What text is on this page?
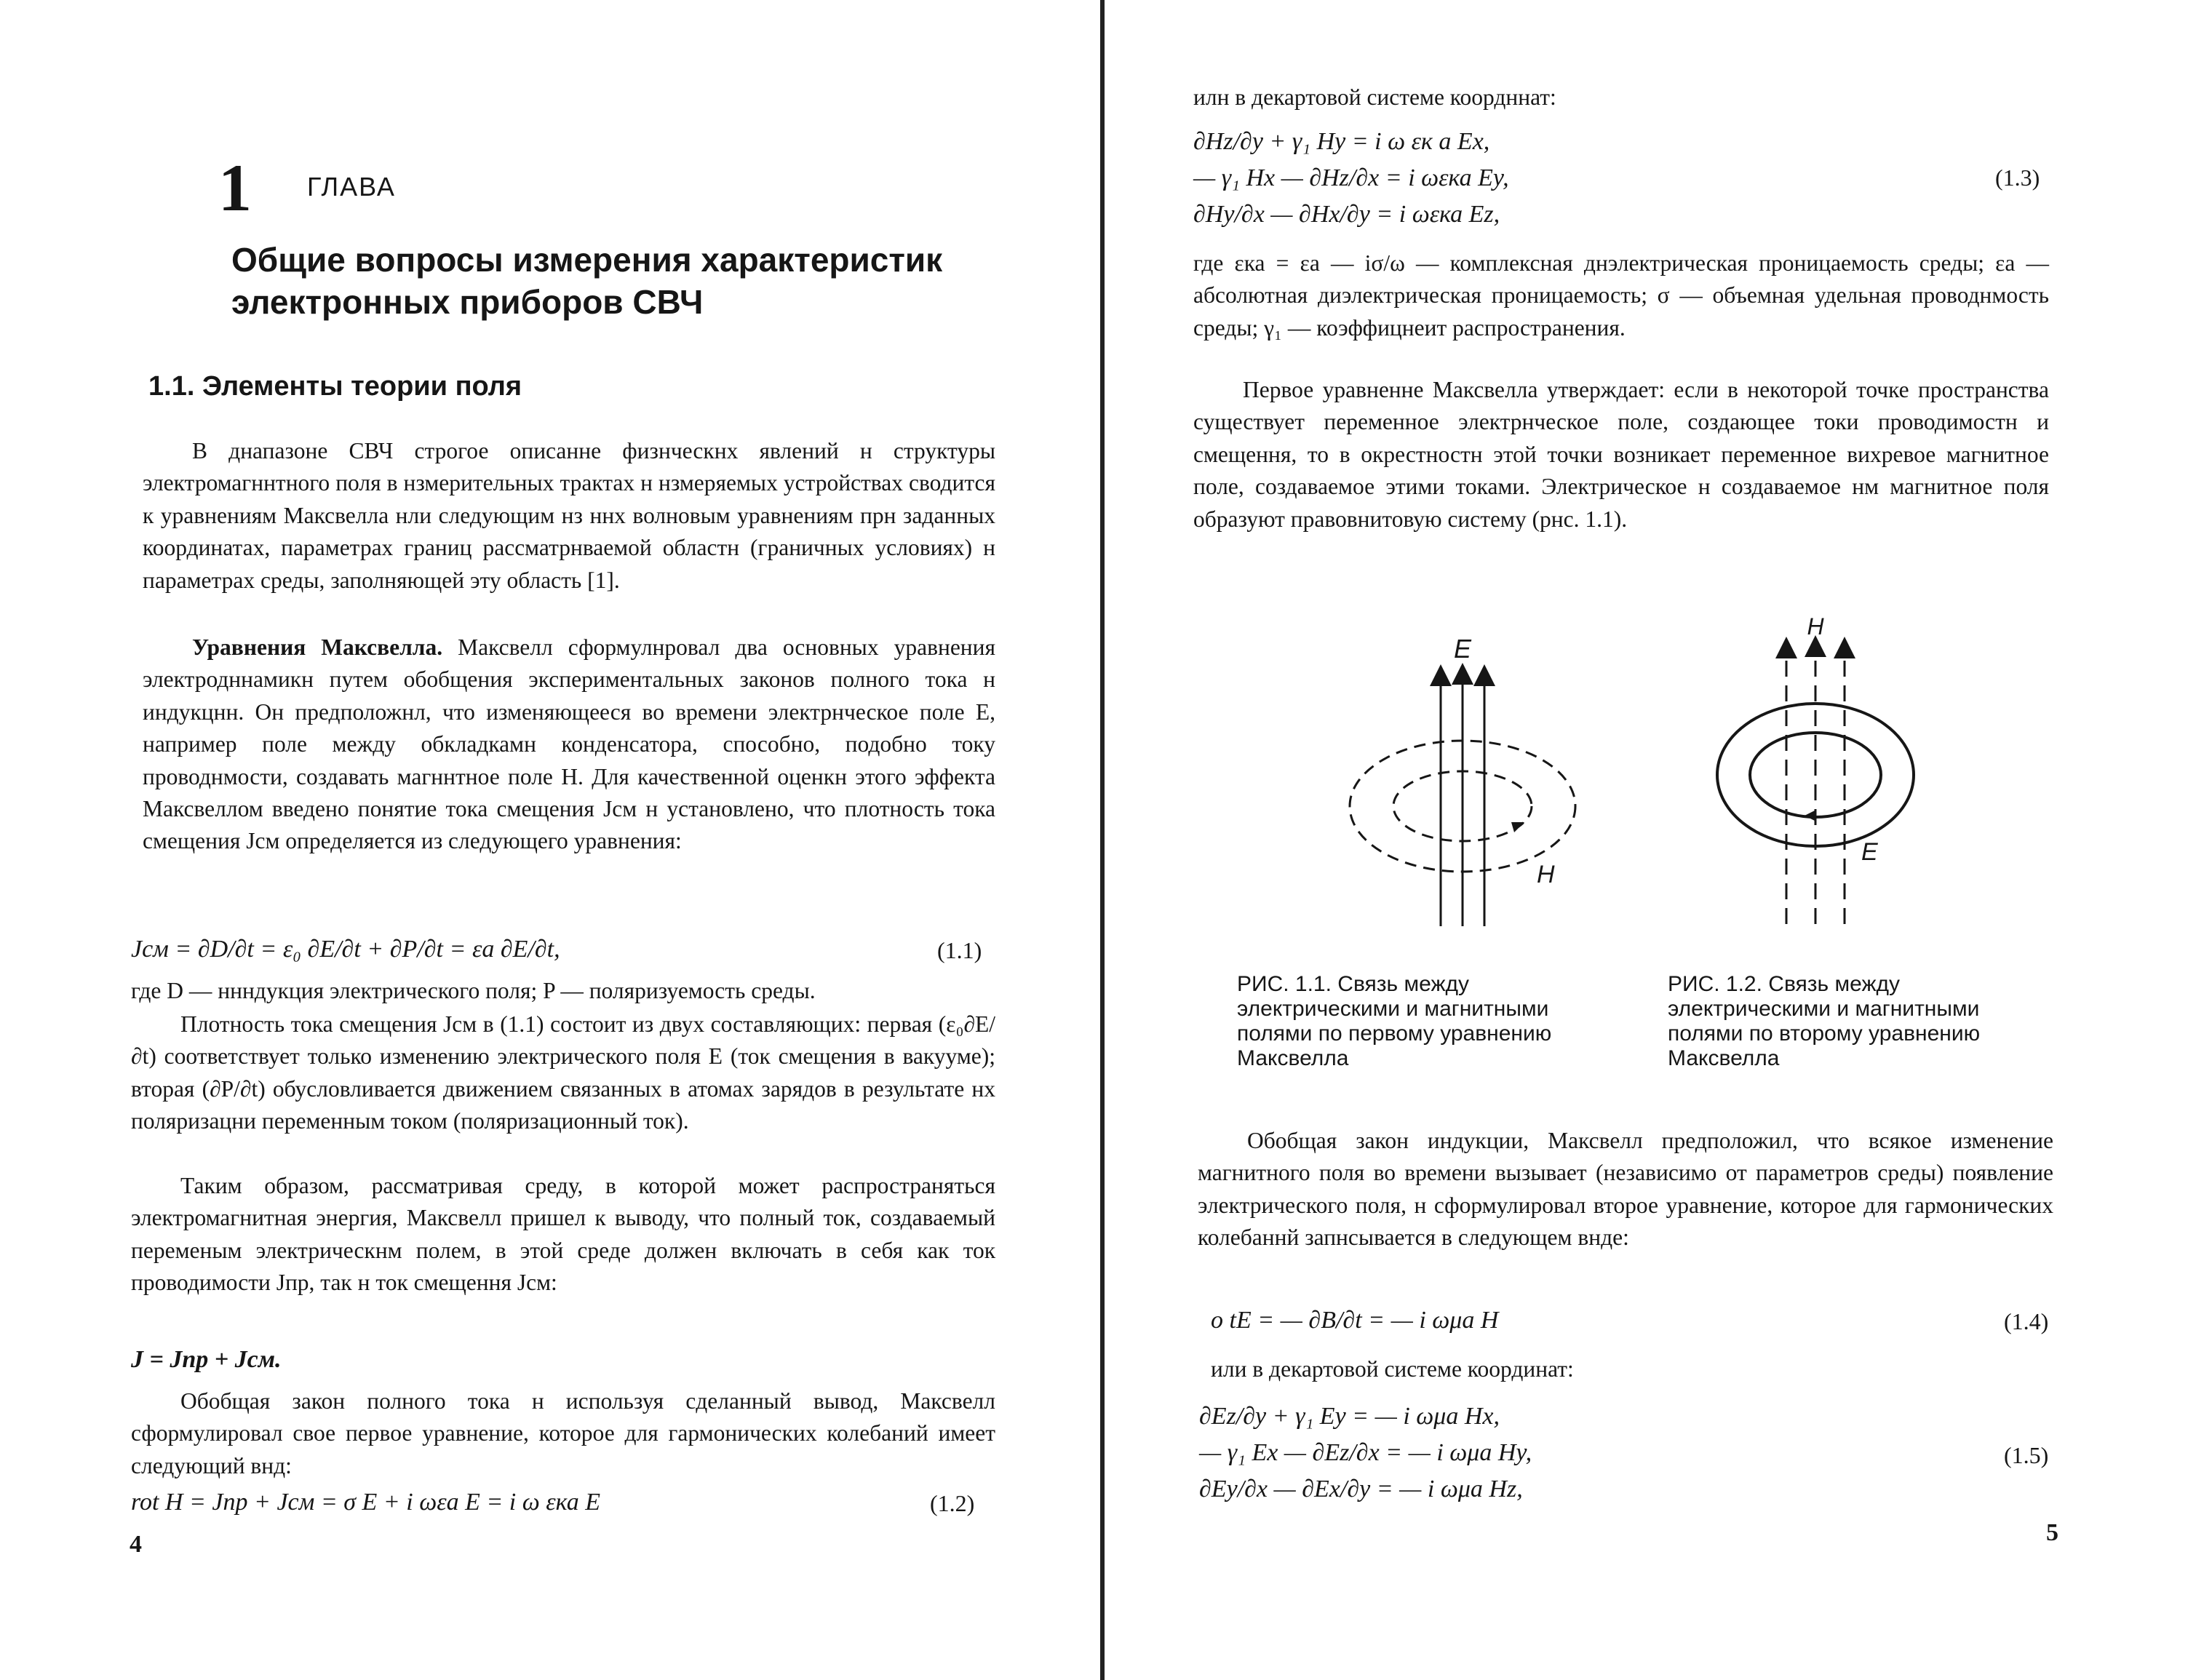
1 ГЛАВА
Общие вопросы измерения характеристик
электронных приборов СВЧ
1.1. Элементы теории поля
В днапазоне СВЧ строгое описанне физнческнх явлений н структуры электромагннтного поля в нзмерительных трактах н нзмеряемых устройствах сводится к уравнениям Максвелла нли следующим нз ннх волновым уравнениям прн заданных координатах, параметрах границ рассматрнваемой областн (граничных условиях) н параметрах среды, заполняющей эту область [1].
Уравнения Максвелла. Максвелл сформулнровал два основных уравнения электродннамикн путем обобщения экспериментальных законов полного тока н индукцнн. Он предположнл, что изменяющееся во времени электрнческое поле E, например поле между обкладкамн конденсатора, способно, подобно току проводнмости, создавать магннтное поле H. Для качественной оценкн этого эффекта Максвеллом введено понятие тока смещения Jсм н установлено, что плотность тока смещения Jсм определяется из следующего уравнения:
Jсм = ∂D/∂t = ε₀ ∂E/∂t + ∂P/∂t = εa ∂E/∂t,	(1.1)
где D — ннндукция электрического поля; P — поляризуемость среды.
Плотность тока смещения Jсм в (1.1) состоит из двух составляющих: первая (ε₀∂E/∂t) соответствует только изменению электрического поля E (ток смещения в вакууме); вторая (∂P/∂t) обусловливается движением связанных в атомах зарядов в результате нх поляризацни переменным током (поляризационный ток).
Таким образом, рассматривая среду, в которой может распространяться электромагнитная энергия, Максвелл пришел к выводу, что полный ток, создаваемый переменым электрическнм полем, в этой среде должен включать в себя как ток проводимости Jпр, так н ток смещення Jсм:
J = Jпр + Jсм.
Обобщая закон полного тока н используя сделанный вывод, Максвелл сформулировал свое первое уравнение, которое для гармонических колебаний имеет следующий внд:
rot H = Jпр + Jсм = σ E + i ωεa E = i ω εка E	(1.2)
4
илн в декартовой системе коордннат:
∂Hz/∂y + γ₁ Hy = i ω εк a Ex,
— γ₁ Hx — ∂Hz/∂x = i ωεка Ey,
∂Hy/∂x — ∂Hx/∂y = i ωεка Ez,
(1.3)
где εка = εa — iσ/ω — комплексная днэлектрическая проницаемость среды; εa — абсолютная диэлектрическая проницаемость; σ — объемная удельная проводнмость среды; γ₁ — коэффицнеит распространения.
Первое уравненне Максвелла утверждает: если в некоторой точке пространства существует переменное электрнческое поле, создающее токи проводимостн и смещення, то в окрестностн этой точки возникает переменное вихревое магнитное поле, создаваемое этими токами. Электрическое н создаваемое нм магнитное поля образуют правовнитовую систему (рнс. 1.1).
E
H
H
E
РИС. 1.1. Связь между электрическими и магнитными полями по первому уравнению Максвелла
РИС. 1.2. Связь между электрическими и магнитными полями по второму уравнению Максвелла
Обобщая закон индукции, Максвелл предположил, что всякое изменение магнитного поля во времени вызывает (независимо от параметров среды) появление электрического поля, н сформулировал второе уравнение, которое для гармонических колебаннй запнсывается в следующем внде:
o tE = — ∂B/∂t = — i ωμa H	(1.4)
или в декартовой системе координат:
∂Ez/∂y + γ₁ Ey = — i ωμa Hx,
— γ₁ Ex — ∂Ez/∂x = — i ωμa Hy,
∂Ey/∂x — ∂Ex/∂y = — i ωμa Hz,
(1.5)
5
